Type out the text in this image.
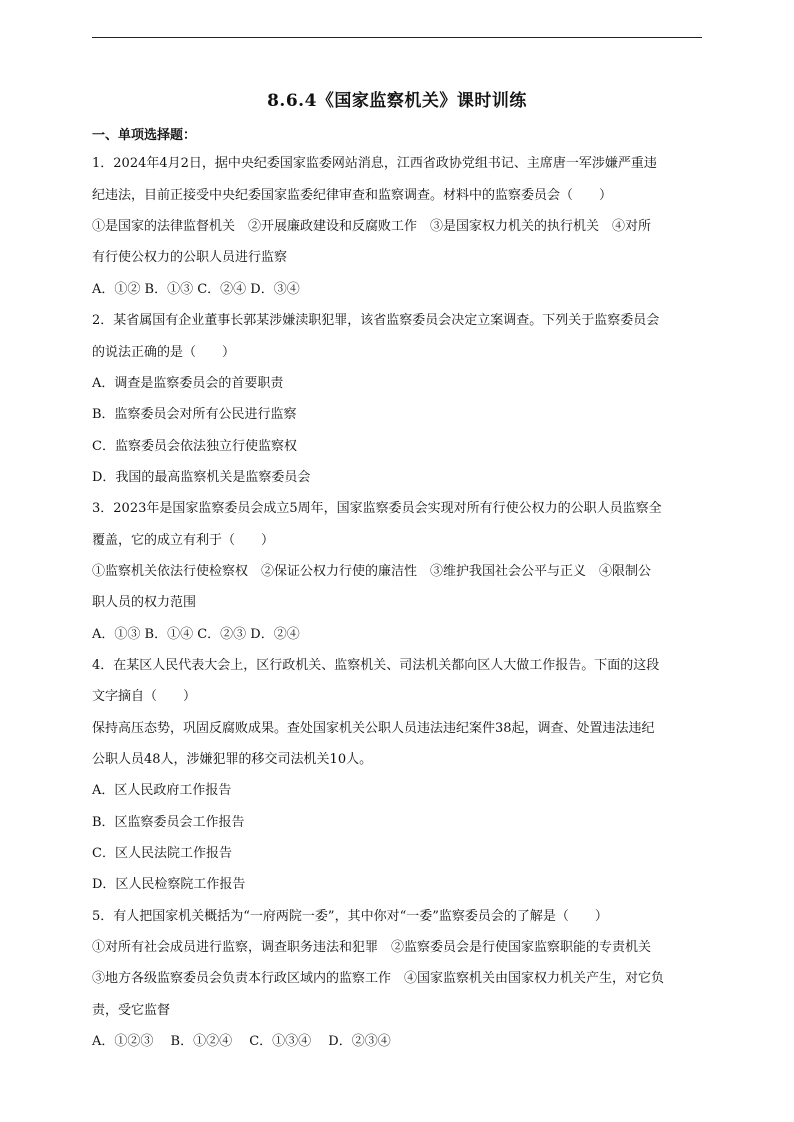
8.6.4《国家监察机关》课时训练
一、单项选择题：
1．2024年4月2日，据中央纪委国家监委网站消息，江西省政协党组书记、主席唐一军涉嫌严重违
纪违法，目前正接受中央纪委国家监委纪律审查和监察调查。材料中的监察委员会（　　）
①是国家的法律监督机关　②开展廉政建设和反腐败工作　③是国家权力机关的执行机关　④对所
有行使公权力的公职人员进行监察
A．①② B．①③ C．②④ D．③④
2．某省属国有企业董事长郭某涉嫌渎职犯罪，该省监察委员会决定立案调查。下列关于监察委员会
的说法正确的是（　　）
A．调查是监察委员会的首要职责
B．监察委员会对所有公民进行监察
C．监察委员会依法独立行使监察权
D．我国的最高监察机关是监察委员会
3．2023年是国家监察委员会成立5周年，国家监察委员会实现对所有行使公权力的公职人员监察全
覆盖，它的成立有利于（　　）
①监察机关依法行使检察权　②保证公权力行使的廉洁性　③维护我国社会公平与正义　④限制公
职人员的权力范围
A．①③ B．①④ C．②③ D．②④
4．在某区人民代表大会上，区行政机关、监察机关、司法机关都向区人大做工作报告。下面的这段
文字摘自（　　）
保持高压态势，巩固反腐败成果。查处国家机关公职人员违法违纪案件38起，调查、处置违法违纪
公职人员48人，涉嫌犯罪的移交司法机关10人。
A．区人民政府工作报告
B．区监察委员会工作报告
C．区人民法院工作报告
D．区人民检察院工作报告
5．有人把国家机关概括为“一府两院一委”，其中你对“一委”监察委员会的了解是（　　）
①对所有社会成员进行监察，调查职务违法和犯罪　②监察委员会是行使国家监察职能的专责机关
③地方各级监察委员会负责本行政区域内的监察工作　④国家监察机关由国家权力机关产生，对它负
责，受它监督
A．①②③　 B．①②④　 C．①③④　 D．②③④
